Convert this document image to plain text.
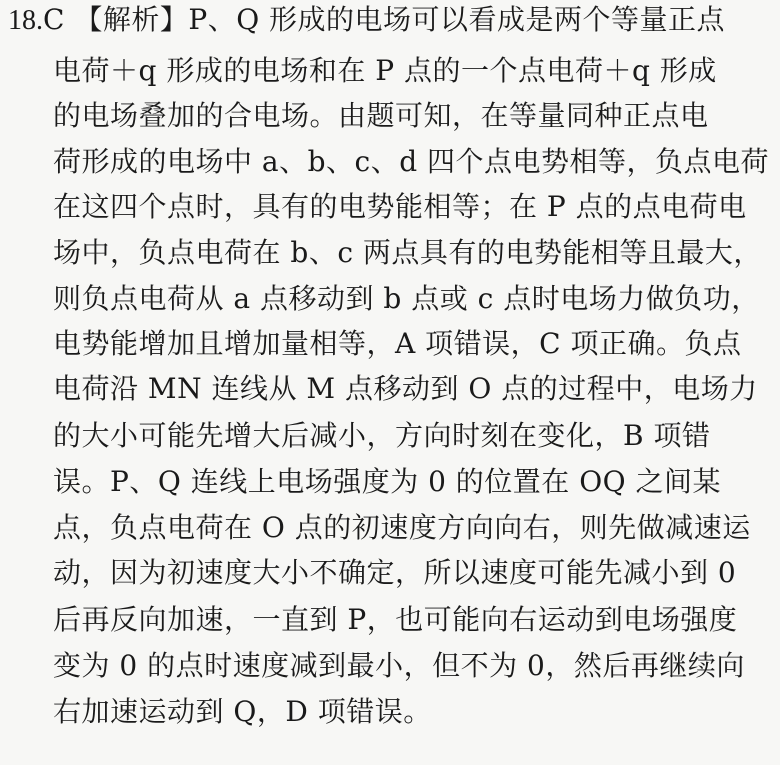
18.C 【解析】P、Q 形成的电场可以看成是两个等量正点
电荷＋q 形成的电场和在 P 点的一个点电荷＋q 形成
的电场叠加的合电场。由题可知，在等量同种正点电
荷形成的电场中 a、b、c、d 四个点电势相等，负点电荷
在这四个点时，具有的电势能相等；在 P 点的点电荷电
场中，负点电荷在 b、c 两点具有的电势能相等且最大，
则负点电荷从 a 点移动到 b 点或 c 点时电场力做负功，
电势能增加且增加量相等，A 项错误，C 项正确。负点
电荷沿 MN 连线从 M 点移动到 O 点的过程中，电场力
的大小可能先增大后减小，方向时刻在变化，B 项错
误。P、Q 连线上电场强度为 0 的位置在 OQ 之间某
点，负点电荷在 O 点的初速度方向向右，则先做减速运
动，因为初速度大小不确定，所以速度可能先减小到 0
后再反向加速，一直到 P，也可能向右运动到电场强度
变为 0 的点时速度减到最小，但不为 0，然后再继续向
右加速运动到 Q，D 项错误。
